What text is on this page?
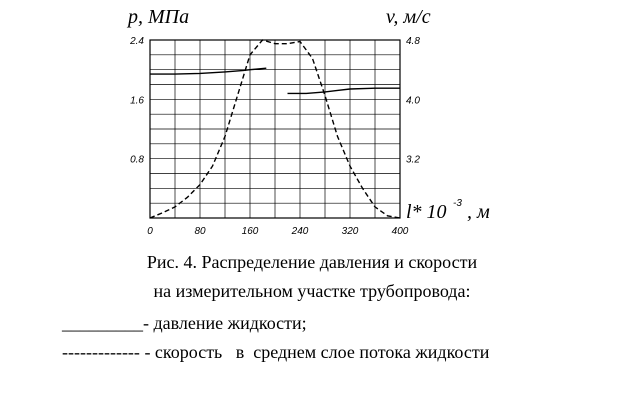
0	80	160	240	320	400
0.8
1.6
2.4
3.2
4.0
4.8
p, МПа	v, м/с
l* 10 -3 , м
Рис. 4. Распределение давления и скорости
на измерительном участке трубопровода:
_________- давление жидкости;
------------- - скорость   в  среднем слое потока жидкости
